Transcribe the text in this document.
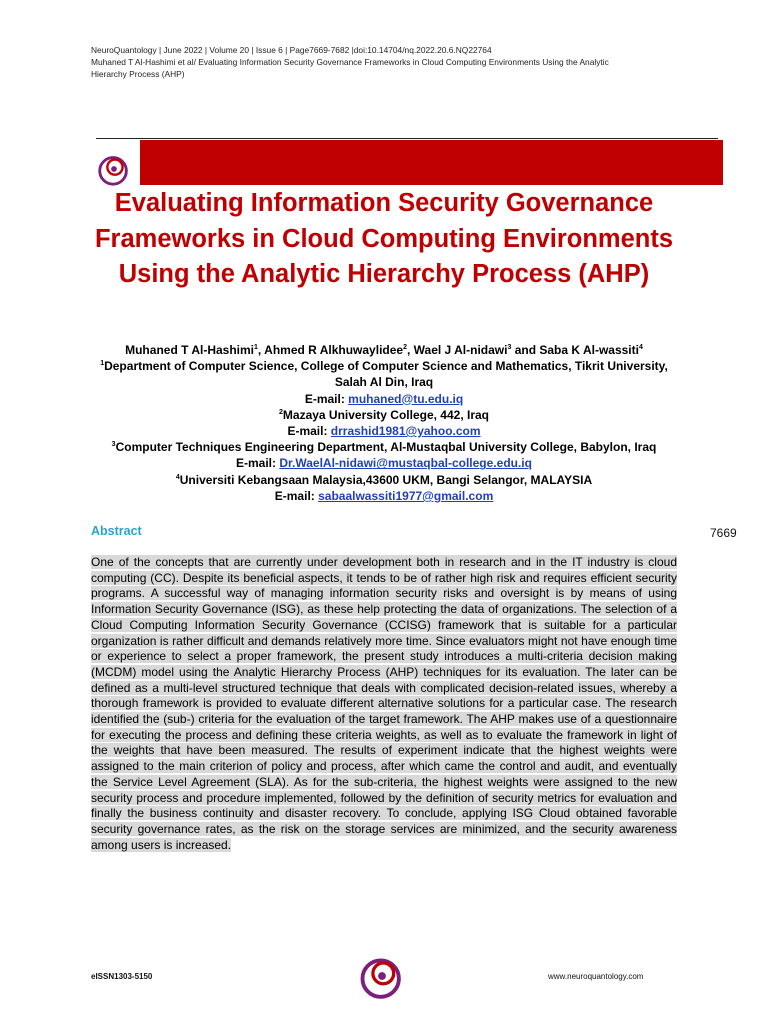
NeuroQuantology | June 2022 | Volume 20 | Issue 6 | Page7669-7682 |doi:10.14704/nq.2022.20.6.NQ22764
Muhaned T Al-Hashimi et al/ Evaluating Information Security Governance Frameworks in Cloud Computing Environments Using the Analytic
Hierarchy Process (AHP)
Evaluating Information Security Governance Frameworks in Cloud Computing Environments Using the Analytic Hierarchy Process (AHP)
Muhaned T Al-Hashimi$^1$, Ahmed R Alkhuwaylidee$^2$, Wael J Al-nidawi$^3$ and Saba K Al-wassiti$^4$
$^1$Department of Computer Science, College of Computer Science and Mathematics, Tikrit University, Salah Al Din, Iraq
E-mail: muhaned@tu.edu.iq
$^2$Mazaya University College, 442, Iraq
E-mail: drrashid1981@yahoo.com
$^3$Computer Techniques Engineering Department, Al-Mustaqbal University College, Babylon, Iraq
E-mail: Dr.WaelAl-nidawi@mustaqbal-college.edu.iq
$^4$Universiti Kebangsaan Malaysia,43600 UKM, Bangi Selangor, MALAYSIA
E-mail: sabaalwassiti1977@gmail.com
Abstract	7669
One of the concepts that are currently under development both in research and in the IT industry is cloud computing (CC). Despite its beneficial aspects, it tends to be of rather high risk and requires efficient security programs. A successful way of managing information security risks and oversight is by means of using Information Security Governance (ISG), as these help protecting the data of organizations. The selection of a Cloud Computing Information Security Governance (CCISG) framework that is suitable for a particular organization is rather difficult and demands relatively more time. Since evaluators might not have enough time or experience to select a proper framework, the present study introduces a multi-criteria decision making (MCDM) model using the Analytic Hierarchy Process (AHP) techniques for its evaluation. The later can be defined as a multi-level structured technique that deals with complicated decision-related issues, whereby a thorough framework is provided to evaluate different alternative solutions for a particular case. The research identified the (sub-) criteria for the evaluation of the target framework. The AHP makes use of a questionnaire for executing the process and defining these criteria weights, as well as to evaluate the framework in light of the weights that have been measured. The results of experiment indicate that the highest weights were assigned to the main criterion of policy and process, after which came the control and audit, and eventually the Service Level Agreement (SLA). As for the sub-criteria, the highest weights were assigned to the new security process and procedure implemented, followed by the definition of security metrics for evaluation and finally the business continuity and disaster recovery. To conclude, applying ISG Cloud obtained favorable security governance rates, as the risk on the storage services are minimized, and the security awareness among users is increased.
eISSN1303-5150	www.neuroquantology.com
